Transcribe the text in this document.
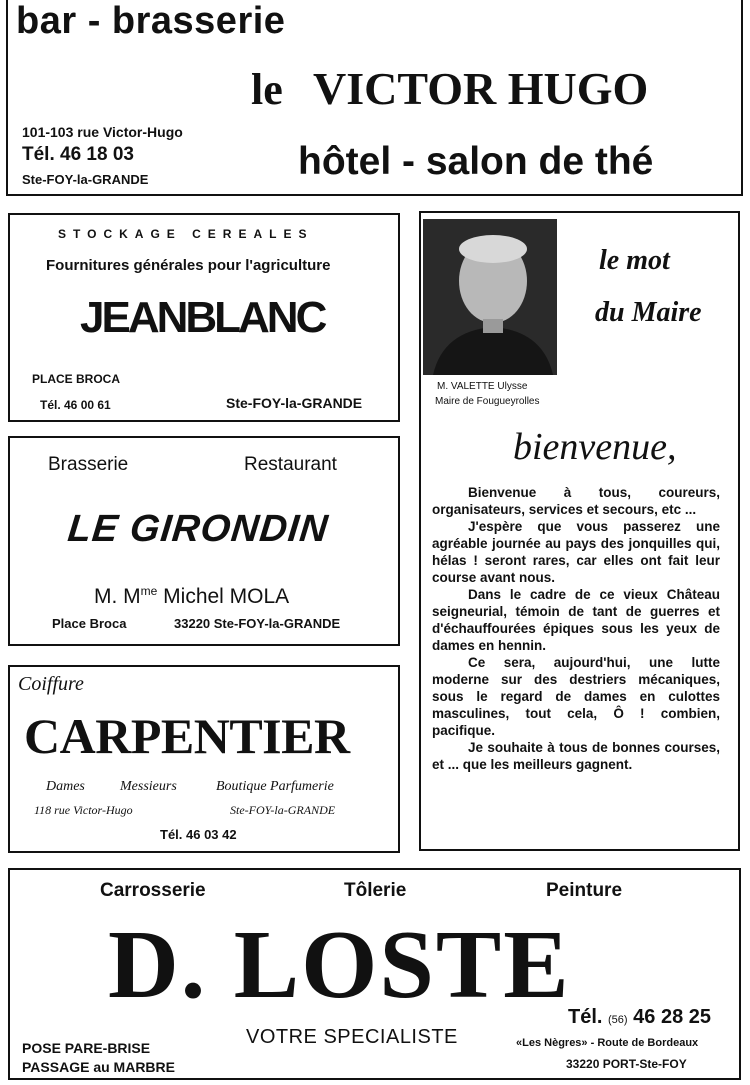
bar - brasserie
le VICTOR HUGO
101-103 rue Victor-Hugo
Tél. 46 18 03
Ste-FOY-la-GRANDE	hôtel - salon de thé
STOCKAGE CEREALES
Fournitures générales pour l'agriculture
JEANBLANC
PLACE BROCA
Tél. 46 00 61	Ste-FOY-la-GRANDE
Brasserie	Restaurant
LE GIRONDIN
M. $M^{me}$ Michel MOLA
Place Broca	33220 Ste-FOY-la-GRANDE
Coiffure
CARPENTIER
Dames	Messieurs	Boutique Parfumerie
118 rue Victor-Hugo	Ste-FOY-la-GRANDE
Tél. 46 03 42
M. VALETTE Ulysse
Maire de Fougueyrolles
le mot
du Maire
bienvenue,

Bienvenue à tous, coureurs, organisateurs, services et secours, etc ...

J'espère que vous passerez une agréable journée au pays des jonquilles qui, hélas ! seront rares, car elles ont fait leur course avant nous.

Dans le cadre de ce vieux Château seigneurial, témoin de tant de guerres et d'échauffourées épiques sous les yeux de dames en hennin.

Ce sera, aujourd'hui, une lutte moderne sur des destriers mécaniques, sous le regard de dames en culottes masculines, tout cela, Ô ! combien, pacifique.

Je souhaite à tous de bonnes courses, et ... que les meilleurs gagnent.

Carrosserie	Tôlerie	Peinture
D. LOSTE
VOTRE SPECIALISTE
POSE PARE-BRISE
PASSAGE au MARBRE
Tél. (56) 46 28 25
«Les Nègres» - Route de Bordeaux
33220 PORT-Ste-FOY
